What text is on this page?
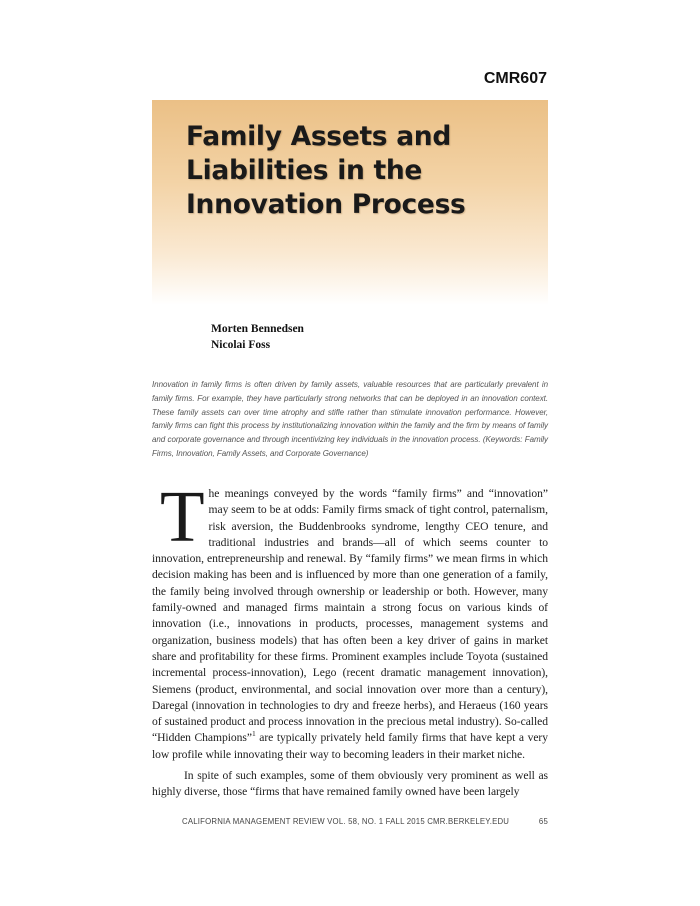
CMR607
Family Assets and
Liabilities in the
Innovation Process
Morten Bennedsen
Nicolai Foss
Innovation in family firms is often driven by family assets, valuable resources that are particularly prevalent in family firms. For example, they have particularly strong networks that can be deployed in an innovation context. These family assets can over time atrophy and stifle rather than stimulate innovation performance. However, family firms can fight this process by institutionalizing innovation within the family and the firm by means of family and corporate governance and through incentivizing key individuals in the innovation process. (Keywords: Family Firms, Innovation, Family Assets, and Corporate Governance)

The meanings conveyed by the words “family firms” and “innovation” may seem to be at odds: Family firms smack of tight control, paternalism, risk aversion, the Buddenbrooks syndrome, lengthy CEO tenure, and traditional industries and brands—all of which seems counter to innovation, entrepreneurship and renewal. By “family firms” we mean firms in which decision making has been and is influenced by more than one generation of a family, the family being involved through ownership or leadership or both. However, many family-owned and managed firms maintain a strong focus on various kinds of innovation (i.e., innovations in products, processes, management systems and organization, business models) that has often been a key driver of gains in market share and profitability for these firms. Prominent examples include Toyota (sustained incremental process-innovation), Lego (recent dramatic management innovation), Siemens (product, environmental, and social innovation over more than a century), Daregal (innovation in technologies to dry and freeze herbs), and Heraeus (160 years of sustained product and process innovation in the precious metal industry). So-called “Hidden Champions”$^1$ are typically privately held family firms that have kept a very low profile while innovating their way to becoming leaders in their market niche.

In spite of such examples, some of them obviously very prominent as well as highly diverse, those “firms that have remained family owned have been largely

CALIFORNIA MANAGEMENT REVIEW VOL. 58, NO. 1 FALL 2015 CMR.BERKELEY.EDU	65
